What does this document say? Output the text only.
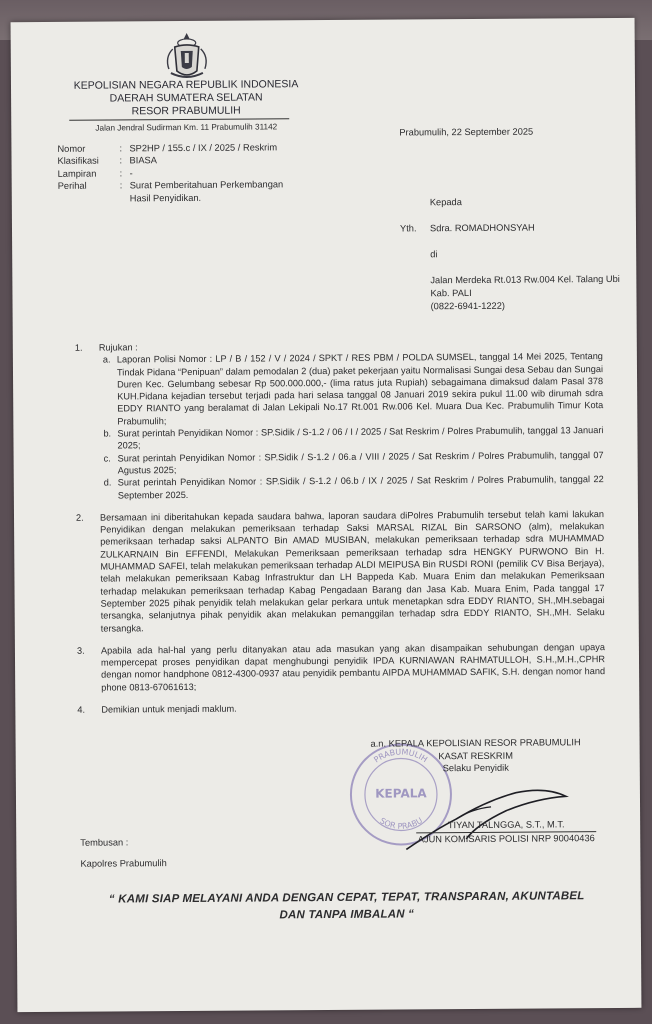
KEPOLISIAN NEGARA REPUBLIK INDONESIA
DAERAH SUMATERA SELATAN
RESOR PRABUMULIH
Jalan Jendral Sudirman Km. 11 Prabumulih 31142	Prabumulih, 22 September 2025
Nomor	:	SP2HP / 155.c / IX / 2025 / Reskrim
Klasifikasi	:	BIASA
Lampiran	:	-
Perihal	:	Surat Pemberitahuan Perkembangan Hasil Penyidikan.	Kepada
Yth. Sdra. ROMADHONSYAH
di
Jalan Merdeka Rt.013 Rw.004 Kel. Talang Ubi Kab. PALI
(0822-6941-1222)
1. Rujukan :
a. Laporan Polisi Nomor : LP / B / 152 / V / 2024 / SPKT / RES PBM / POLDA SUMSEL, tanggal 14 Mei 2025, Tentang Tindak Pidana “Penipuan” dalam pemodalan 2 (dua) paket pekerjaan yaitu Normalisasi Sungai desa Sebau dan Sungai Duren Kec. Gelumbang sebesar Rp 500.000.000,- (lima ratus juta Rupiah) sebagaimana dimaksud dalam Pasal 378 KUH.Pidana kejadian tersebut terjadi pada hari selasa tanggal 08 Januari 2019 sekira pukul 11.00 wib dirumah sdra EDDY RIANTO yang beralamat di Jalan Lekipali No.17 Rt.001 Rw.006 Kel. Muara Dua Kec. Prabumulih Timur Kota Prabumulih;
b. Surat perintah Penyidikan Nomor : SP.Sidik / S-1.2 / 06 / I / 2025 / Sat Reskrim / Polres Prabumulih, tanggal 13 Januari 2025;
c. Surat perintah Penyidikan Nomor : SP.Sidik / S-1.2 / 06.a / VIII / 2025 / Sat Reskrim / Polres Prabumulih, tanggal 07 Agustus 2025;
d. Surat perintah Penyidikan Nomor : SP.Sidik / S-1.2 / 06.b / IX / 2025 / Sat Reskrim / Polres Prabumulih, tanggal 22 September 2025.
2. Bersamaan ini diberitahukan kepada saudara bahwa, laporan saudara diPolres Prabumulih tersebut telah kami lakukan Penyidikan dengan melakukan pemeriksaan terhadap Saksi MARSAL RIZAL Bin SARSONO (alm), melakukan pemeriksaan terhadap saksi ALPANTO Bin AMAD MUSIBAN, melakukan pemeriksaan terhadap sdra MUHAMMAD ZULKARNAIN Bin EFFENDI, Melakukan Pemeriksaan pemeriksaan terhadap sdra HENGKY PURWONO Bin H. MUHAMMAD SAFEI, telah melakukan pemeriksaan terhadap ALDI MEIPUSA Bin RUSDI RONI (pemilik CV Bisa Berjaya), telah melakukan pemeriksaan Kabag Infrastruktur dan LH Bappeda Kab. Muara Enim dan melakukan Pemeriksaan terhadap melakukan pemeriksaan terhadap Kabag Pengadaan Barang dan Jasa Kab. Muara Enim, Pada tanggal 17 September 2025 pihak penyidik telah melakukan gelar perkara untuk menetapkan sdra EDDY RIANTO, SH.,MH.sebagai tersangka, selanjutnya pihak penyidik akan melakukan pemanggilan terhadap sdra EDDY RIANTO, SH.,MH. Selaku tersangka.
3. Apabila ada hal-hal yang perlu ditanyakan atau ada masukan yang akan disampaikan sehubungan dengan upaya mempercepat proses penyidikan dapat menghubungi penyidik IPDA KURNIAWAN RAHMATULLOH, S.H.,M.H.,CPHR dengan nomor handphone 0812-4300-0937 atau penyidik pembantu AIPDA MUHAMMAD SAFIK, S.H. dengan nomor hand phone 0813-67061613;
4. Demikian untuk menjadi maklum.
PRABUMULIH
KEPALA
SOR PRABU
a.n. KEPALA KEPOLISIAN RESOR PRABUMULIH
KASAT RESKRIM
Selaku Penyidik
TIYAN TALNGGA, S.T., M.T.
AJUN KOMISARIS POLISI NRP 90040436
Tembusan :
Kapolres Prabumulih
“ KAMI SIAP MELAYANI ANDA DENGAN CEPAT, TEPAT, TRANSPARAN, AKUNTABEL
DAN TANPA IMBALAN “
